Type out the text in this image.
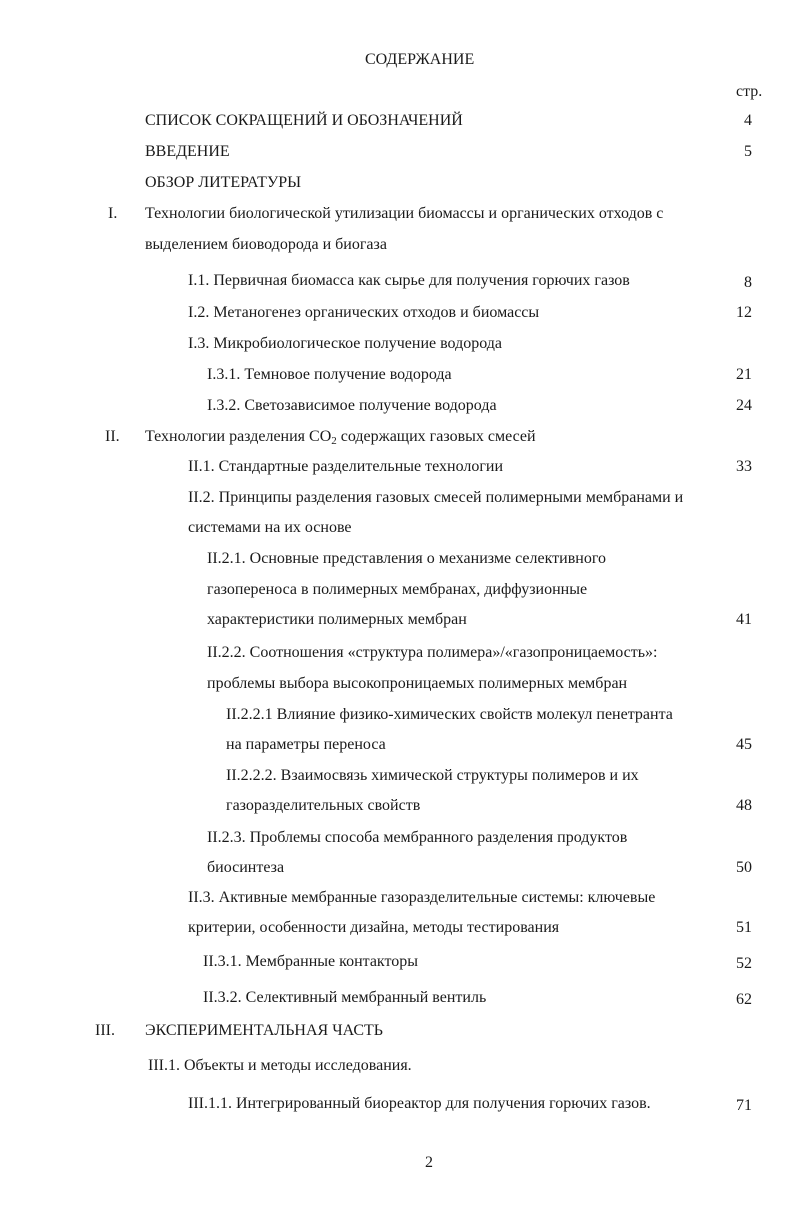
СОДЕРЖАНИЕ
стр.
СПИСОК СОКРАЩЕНИЙ И ОБОЗНАЧЕНИЙ	4
ВВЕДЕНИЕ	5
ОБЗОР ЛИТЕРАТУРЫ
I. Технологии биологической утилизации биомассы и органических отходов с
выделением биоводорода и биогаза
I.1. Первичная биомасса как сырье для получения горючих газов	8
I.2. Метаногенез органических отходов и биомассы	12
I.3. Микробиологическое получение водорода
I.3.1. Темновое получение водорода	21
I.3.2. Светозависимое получение водорода	24
II. Технологии разделения $CO_2$ содержащих газовых смесей
II.1. Стандартные разделительные технологии	33
II.2. Принципы разделения газовых смесей полимерными мембранами и
системами на их основе
II.2.1. Основные представления о механизме селективного
газопереноса в полимерных мембранах, диффузионные
характеристики полимерных мембран	41
II.2.2. Соотношения «структура полимера»/«газопроницаемость»:
проблемы выбора высокопроницаемых полимерных мембран
II.2.2.1 Влияние физико-химических свойств молекул пенетранта
на параметры переноса	45
II.2.2.2. Взаимосвязь химической структуры полимеров и их
газоразделительных свойств	48
II.2.3. Проблемы способа мембранного разделения продуктов
биосинтеза	50
II.3. Активные мембранные газоразделительные системы: ключевые
критерии, особенности дизайна, методы тестирования	51
II.3.1. Мембранные контакторы	52
II.3.2. Селективный мембранный вентиль	62
III. ЭКСПЕРИМЕНТАЛЬНАЯ ЧАСТЬ
III.1. Объекты и методы исследования.
III.1.1. Интегрированный биореактор для получения горючих газов.	71
2
